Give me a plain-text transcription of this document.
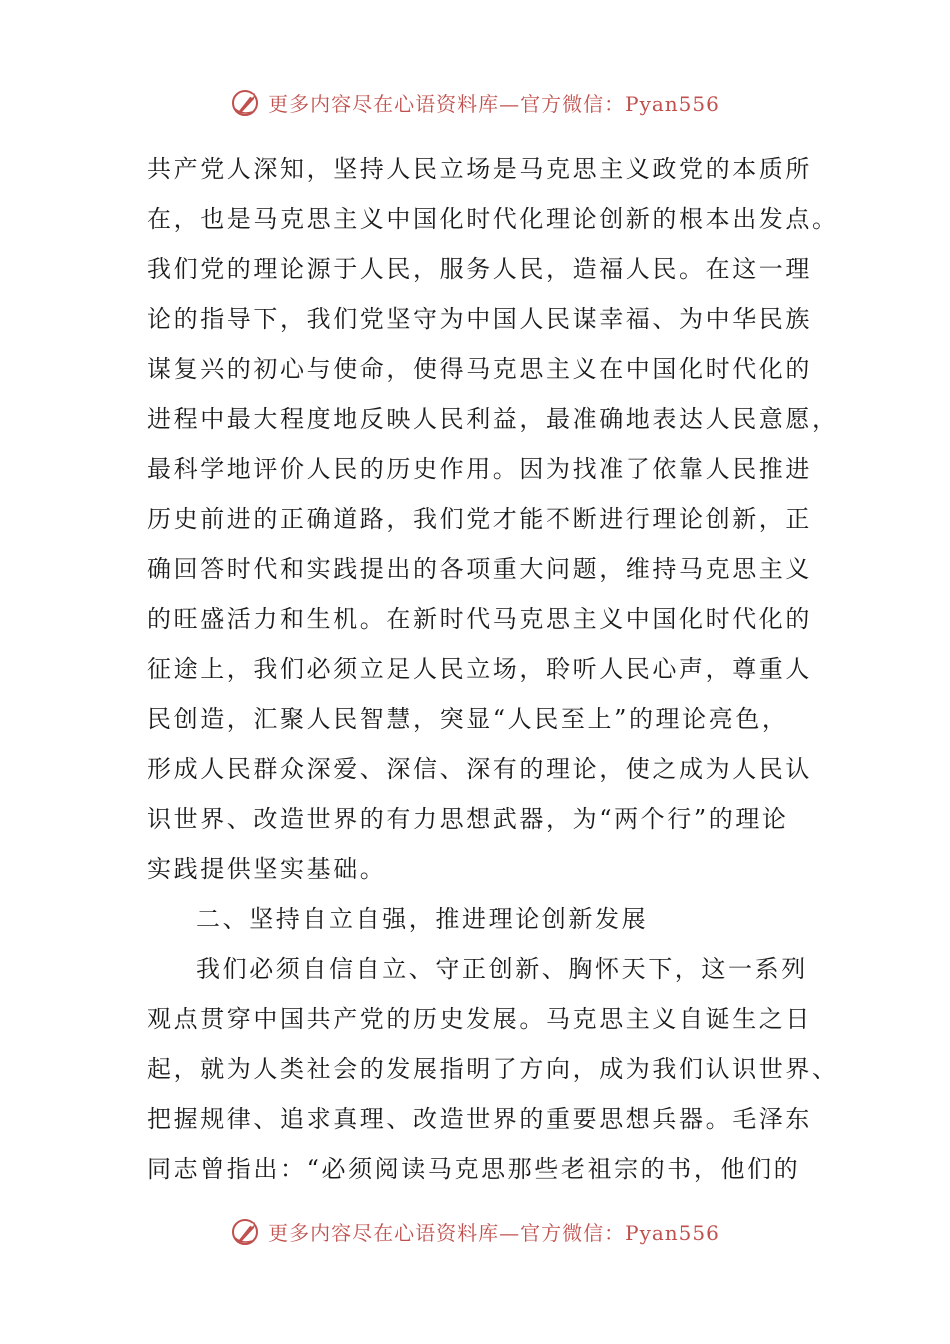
更多内容尽在心语资料库—官方微信：Pyan556
共产党人深知，坚持人民立场是马克思主义政党的本质所
在，也是马克思主义中国化时代化理论创新的根本出发点。
我们党的理论源于人民，服务人民，造福人民。在这一理
论的指导下，我们党坚守为中国人民谋幸福、为中华民族
谋复兴的初心与使命，使得马克思主义在中国化时代化的
进程中最大程度地反映人民利益，最准确地表达人民意愿，
最科学地评价人民的历史作用。因为找准了依靠人民推进
历史前进的正确道路，我们党才能不断进行理论创新，正
确回答时代和实践提出的各项重大问题，维持马克思主义
的旺盛活力和生机。在新时代马克思主义中国化时代化的
征途上，我们必须立足人民立场，聆听人民心声，尊重人
民创造，汇聚人民智慧，突显“人民至上”的理论亮色，
形成人民群众深爱、深信、深有的理论，使之成为人民认
识世界、改造世界的有力思想武器，为“两个行”的理论
实践提供坚实基础。
二、坚持自立自强，推进理论创新发展
我们必须自信自立、守正创新、胸怀天下，这一系列
观点贯穿中国共产党的历史发展。马克思主义自诞生之日
起，就为人类社会的发展指明了方向，成为我们认识世界、
把握规律、追求真理、改造世界的重要思想兵器。毛泽东
同志曾指出：“必须阅读马克思那些老祖宗的书，他们的
更多内容尽在心语资料库—官方微信：Pyan556
